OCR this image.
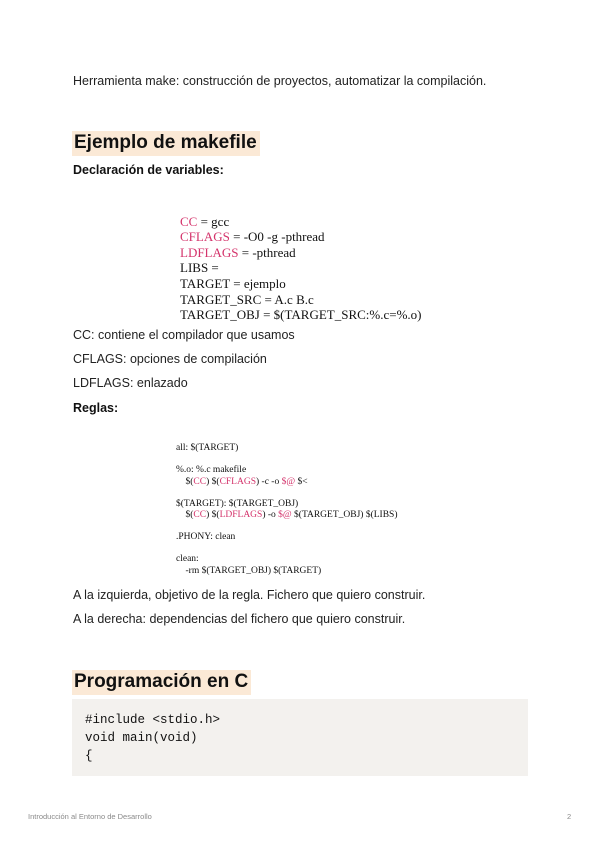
Herramienta make: construcción de proyectos, automatizar la compilación.
Ejemplo de makefile
Declaración de variables:

CC = gcc
CFLAGS = -O0 -g -pthread
LDFLAGS = -pthread
LIBS =
TARGET = ejemplo
TARGET_SRC = A.c B.c
TARGET_OBJ = $(TARGET_SRC:%.c=%.o)

CC: contiene el compilador que usamos
CFLAGS: opciones de compilación
LDFLAGS: enlazado
Reglas:

all: $(TARGET)
%.o: %.c makefile
$(CC) $(CFLAGS) -c -o $@ $<
$(TARGET): $(TARGET_OBJ)
$(CC) $(LDFLAGS) -o $@ $(TARGET_OBJ) $(LIBS)
.PHONY: clean
clean:
-rm $(TARGET_OBJ) $(TARGET)

A la izquierda, objetivo de la regla. Fichero que quiero construir.
A la derecha: dependencias del fichero que quiero construir.
Programación en C
#include <stdio.h>
void main(void)
{
Introducción al Entorno de Desarrollo	2
